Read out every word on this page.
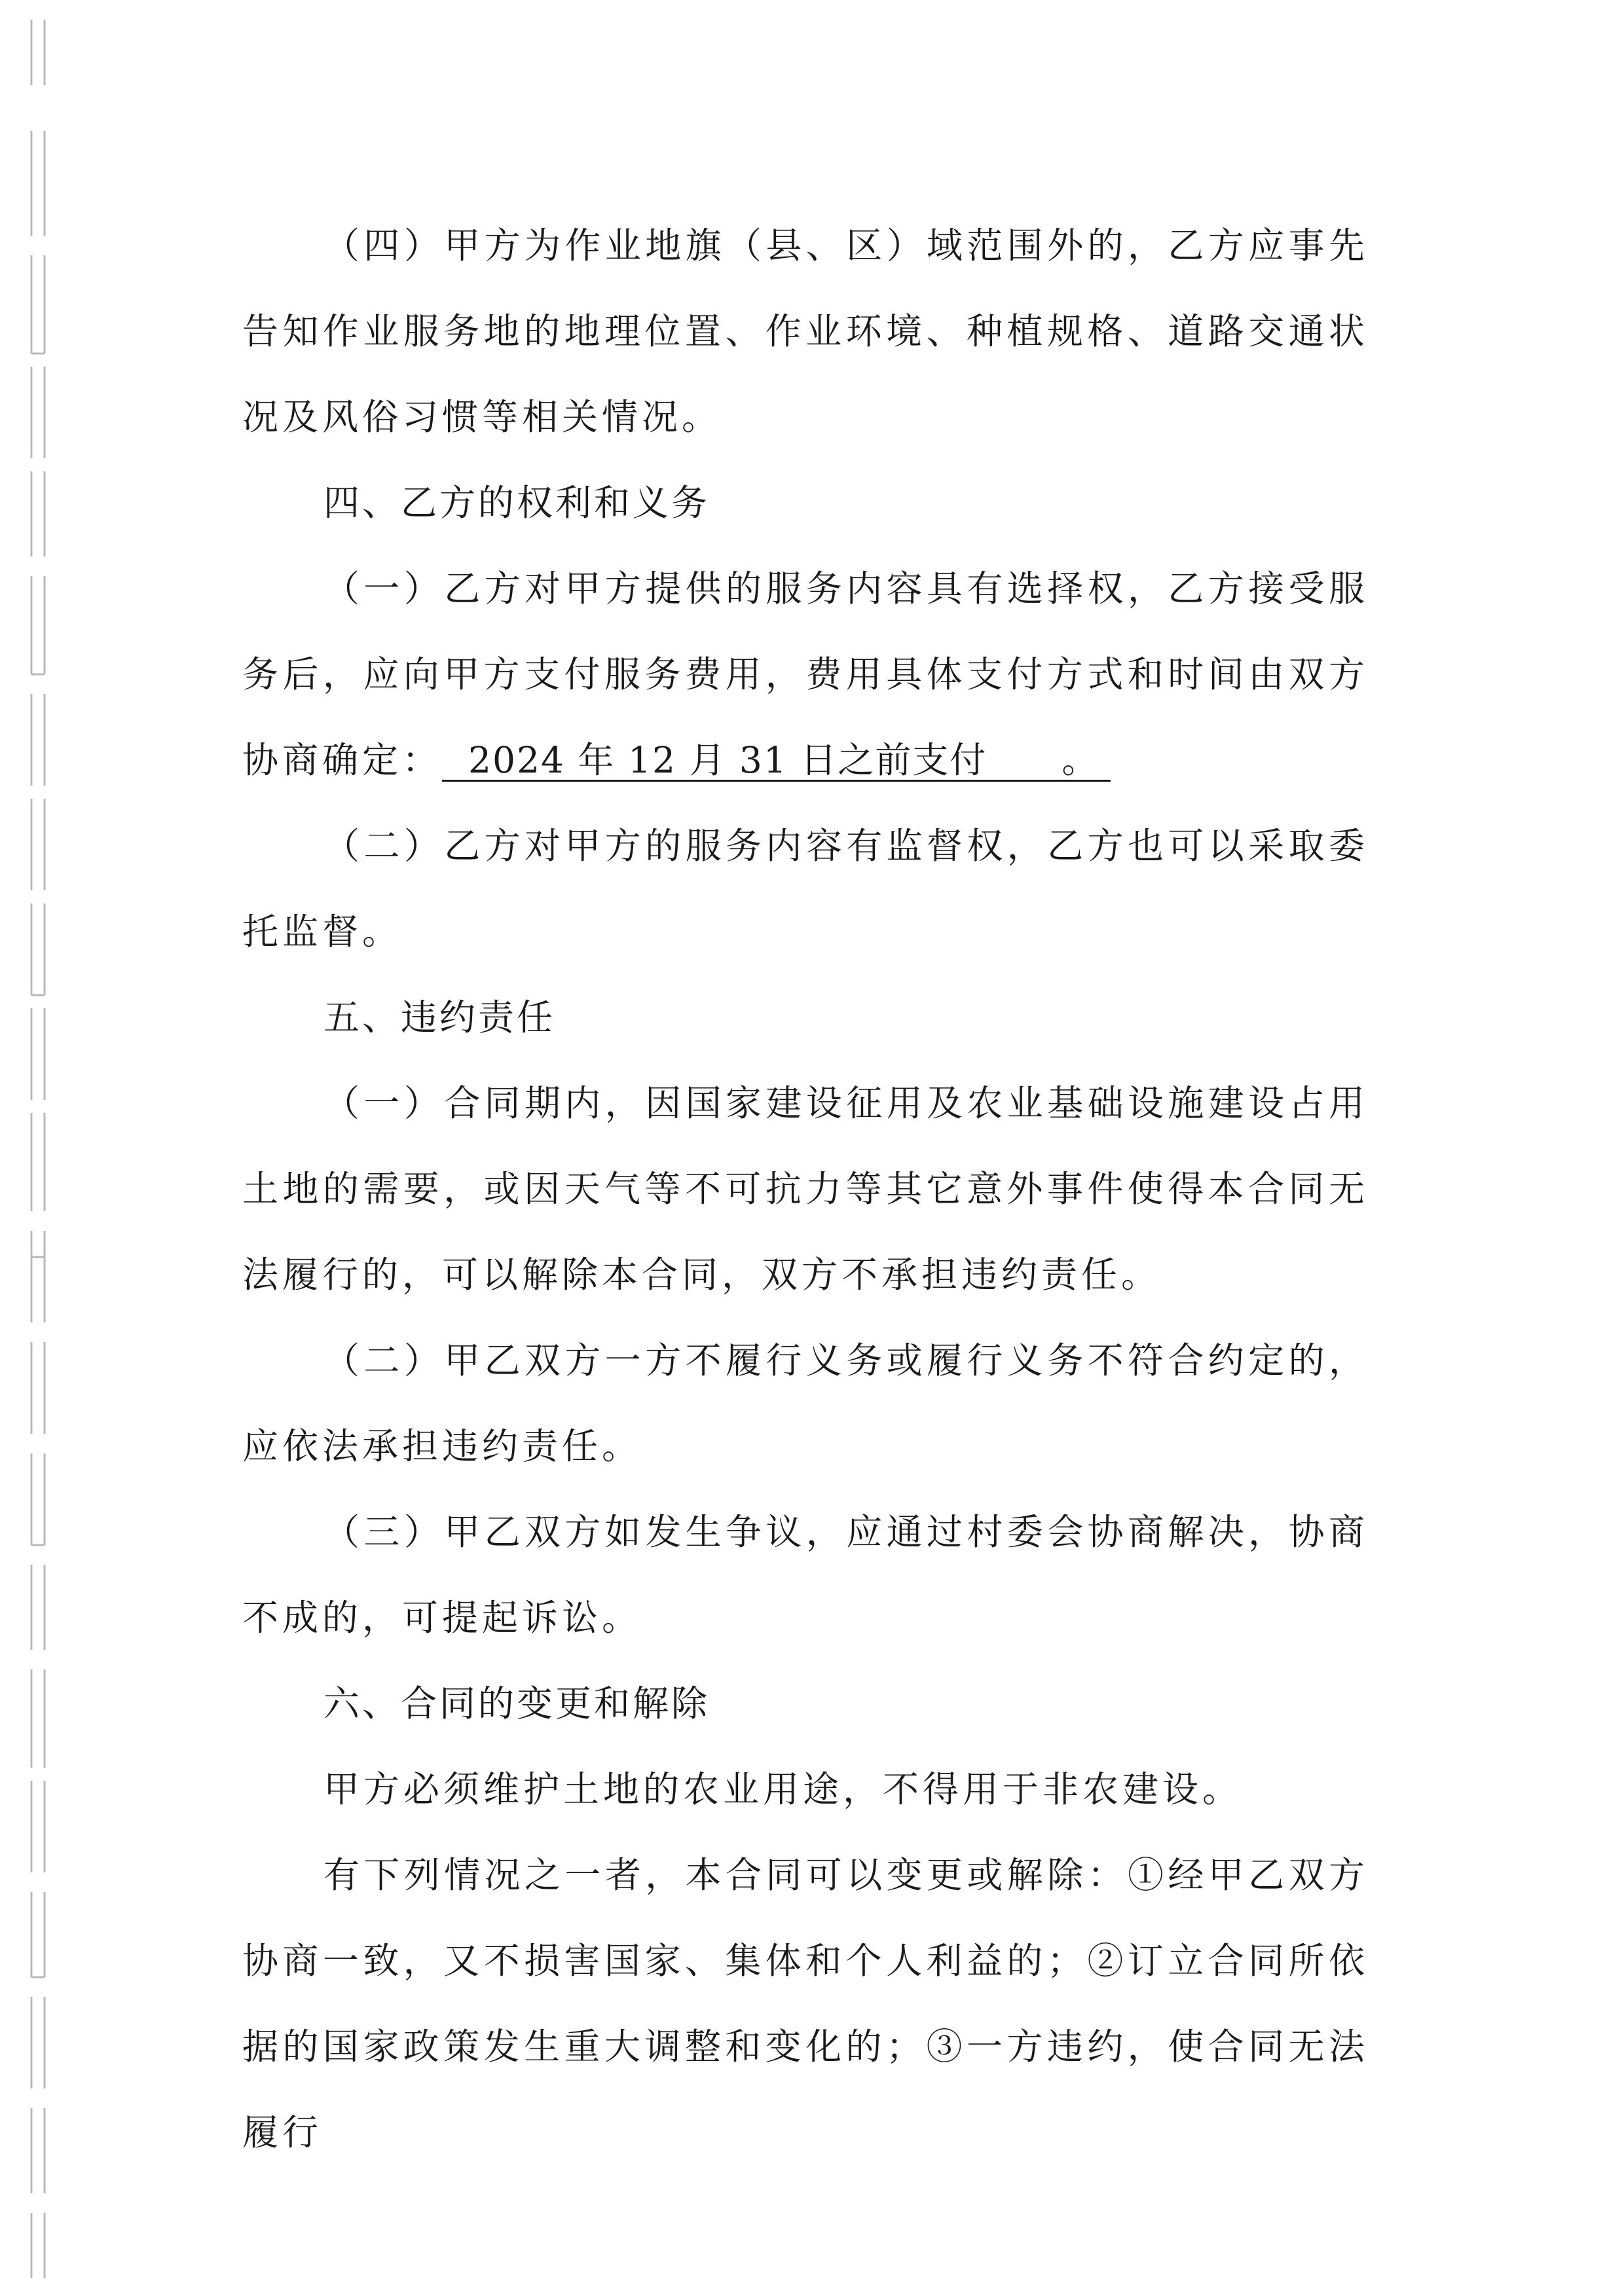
（四）甲方为作业地旗（县、区）域范围外的，乙方应事先告知作业服务地的地理位置、作业环境、种植规格、道路交通状况及风俗习惯等相关情况。

四、乙方的权利和义务

（一）乙方对甲方提供的服务内容具有选择权，乙方接受服务后，应向甲方支付服务费用，费用具体支付方式和时间由双方协商确定： 2024 年 12 月 31 日之前支付　　。

（二）乙方对甲方的服务内容有监督权，乙方也可以采取委托监督。

五、违约责任

（一）合同期内，因国家建设征用及农业基础设施建设占用土地的需要，或因天气等不可抗力等其它意外事件使得本合同无法履行的，可以解除本合同，双方不承担违约责任。

（二）甲乙双方一方不履行义务或履行义务不符合约定的，应依法承担违约责任。

（三）甲乙双方如发生争议，应通过村委会协商解决，协商不成的，可提起诉讼。

六、合同的变更和解除

甲方必须维护土地的农业用途，不得用于非农建设。

有下列情况之一者，本合同可以变更或解除：①经甲乙双方协商一致，又不损害国家、集体和个人利益的；②订立合同所依据的国家政策发生重大调整和变化的；③一方违约，使合同无法履行
